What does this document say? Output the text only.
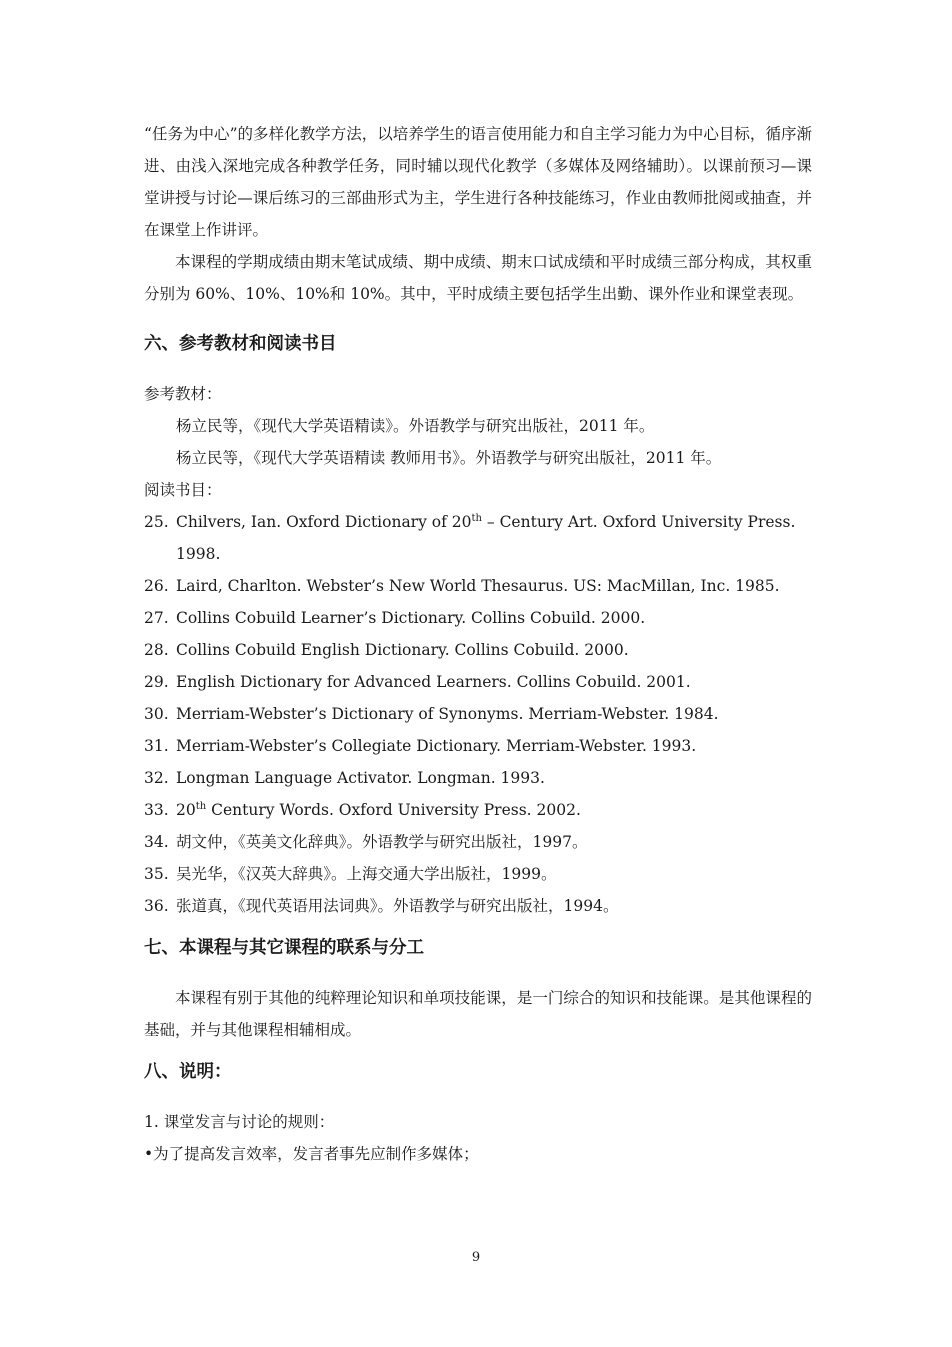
“任务为中心”的多样化教学方法，以培养学生的语言使用能力和自主学习能力为中心目标，循序渐进、由浅入深地完成各种教学任务，同时辅以现代化教学（多媒体及网络辅助）。以课前预习—课堂讲授与讨论—课后练习的三部曲形式为主，学生进行各种技能练习，作业由教师批阅或抽查，并在课堂上作讲评。

本课程的学期成绩由期末笔试成绩、期中成绩、期末口试成绩和平时成绩三部分构成，其权重分别为 60%、10%、10%和 10%。其中，平时成绩主要包括学生出勤、课外作业和课堂表现。

六、参考教材和阅读书目

参考教材：

杨立民等，《现代大学英语精读》。外语教学与研究出版社，2011 年。
杨立民等，《现代大学英语精读 教师用书》。外语教学与研究出版社，2011 年。

阅读书目：

25. Chilvers, Ian. Oxford Dictionary of 20th – Century Art. Oxford University Press. 1998.
26. Laird, Charlton. Webster’s New World Thesaurus. US: MacMillan, Inc. 1985.
27. Collins Cobuild Learner’s Dictionary. Collins Cobuild. 2000.
28. Collins Cobuild English Dictionary. Collins Cobuild. 2000.
29. English Dictionary for Advanced Learners. Collins Cobuild. 2001.
30. Merriam-Webster’s Dictionary of Synonyms. Merriam-Webster. 1984.
31. Merriam-Webster’s Collegiate Dictionary. Merriam-Webster. 1993.
32. Longman Language Activator. Longman. 1993.
33. 20th Century Words. Oxford University Press. 2002.
34. 胡文仲，《英美文化辞典》。外语教学与研究出版社，1997。
35. 吴光华，《汉英大辞典》。上海交通大学出版社，1999。
36. 张道真，《现代英语用法词典》。外语教学与研究出版社，1994。
七、本课程与其它课程的联系与分工

本课程有别于其他的纯粹理论知识和单项技能课，是一门综合的知识和技能课。是其他课程的基础，并与其他课程相辅相成。

八、说明：

1. 课堂发言与讨论的规则：

•为了提高发言效率，发言者事先应制作多媒体；

9
